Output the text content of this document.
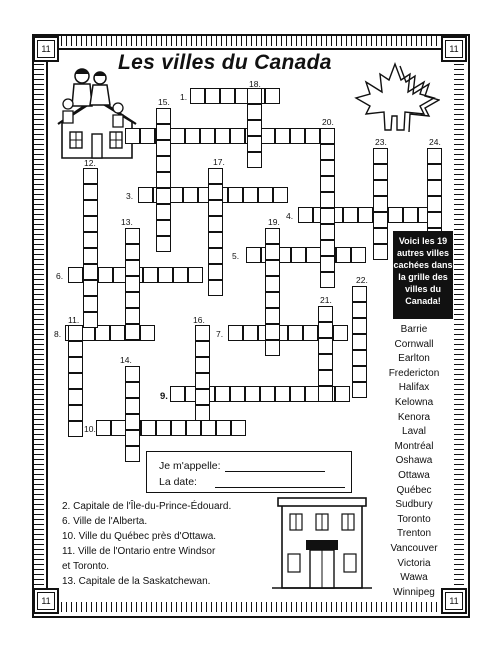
11	11
11	11
Les villes du Canada
1.
3.
4.
5.
6.
7.
8.
9.
10.
11.
12.
13.
14.
15.
16.
17.
18.
19.
20.
21.
22.
23.	24.
Voici les 19 autres villes cachées dans la grille des villes du Canada!
Barrie
Cornwall
Earlton
Fredericton
Halifax
Kelowna
Kenora
Laval
Montréal
Oshawa
Ottawa
Québec
Sudbury
Toronto
Trenton
Vancouver
Victoria
Wawa
Winnipeg
Je m'appelle:
La date:
2. Capitale de l'Île-du-Prince-Édouard.
6. Ville de l'Alberta.
10. Ville du Québec près d'Ottawa.
11. Ville de l'Ontario entre Windsor
et Toronto.
13. Capitale de la Saskatchewan.
